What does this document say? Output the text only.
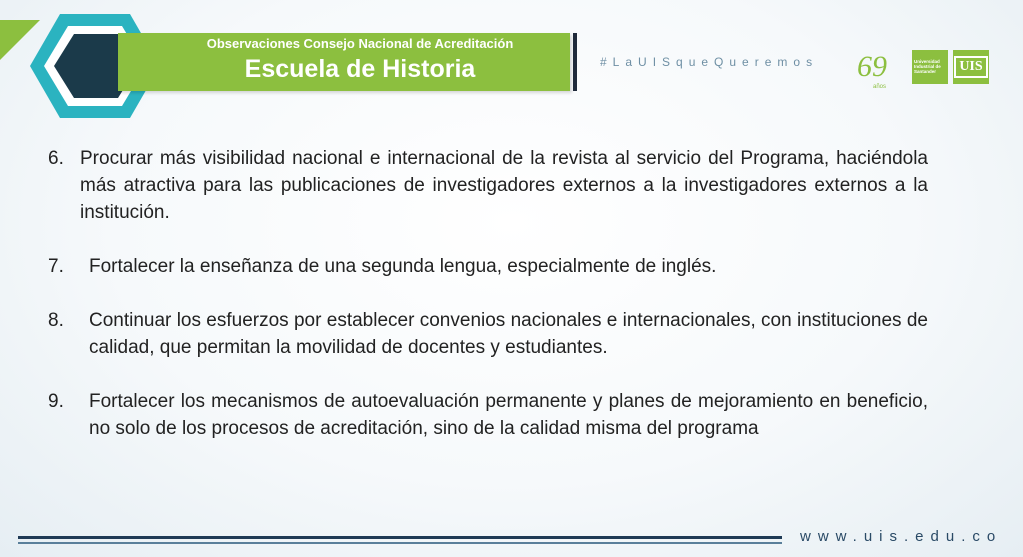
Observaciones Consejo Nacional de Acreditación
Escuela de Historia	#LaUISqueQueremos 69
años
Universidad Industrial de Santander	UIS
6. Procurar más visibilidad nacional e internacional de la revista al servicio del Programa, haciéndola más atractiva para las publicaciones de investigadores externos a la investigadores externos a la institución.
7.	Fortalecer la enseñanza de una segunda lengua, especialmente de inglés.
8.	Continuar los esfuerzos por establecer convenios nacionales e internacionales, con instituciones de calidad, que permitan la movilidad de docentes y estudiantes.
9.	Fortalecer los mecanismos de autoevaluación permanente y planes de mejoramiento en beneficio, no solo de los procesos de acreditación, sino de la calidad misma del programa
www.uis.edu.co
